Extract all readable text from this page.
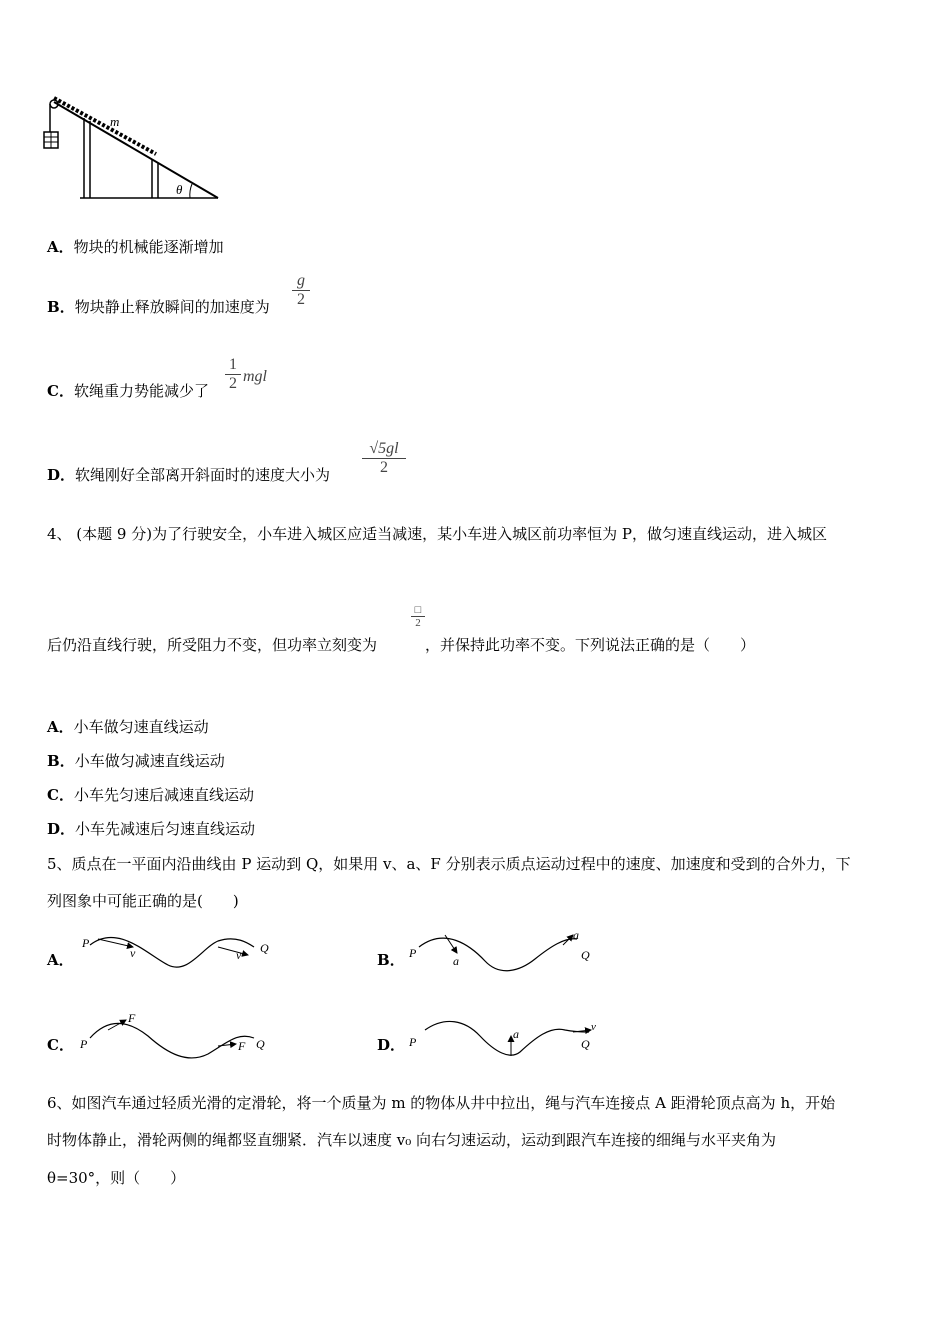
m
θ
A．物块的机械能逐渐增加
B．物块静止释放瞬间的加速度为 $\frac{g}{2}$
C．软绳重力势能减少了 $\frac{1}{2}$ mgl
D．软绳刚好全部离开斜面时的速度大小为 $\frac{√5gl}{2}$
4、 (本题 9 分)为了行驶安全，小车进入城区应适当减速，某小车进入城区前功率恒为 P，做匀速直线运动，进入城区
□
2
后仍沿直线行驶，所受阻力不变，但功率立刻变为	，并保持此功率不变。下列说法正确的是（　　）
A．小车做匀速直线运动
B．小车做匀减速直线运动
C．小车先匀速后减速直线运动
D．小车先减速后匀速直线运动
5、质点在一平面内沿曲线由 P 运动到 Q，如果用 v、a、F 分别表示质点运动过程中的速度、加速度和受到的合外力，下
列图象中可能正确的是(　　)
A．
P
v	v Q
B． P
a
a
Q
C． P
F
F Q	D． P
a	v
Q
6、如图汽车通过轻质光滑的定滑轮，将一个质量为 m 的物体从井中拉出，绳与汽车连接点 A 距滑轮顶点高为 h，开始
时物体静止，滑轮两侧的绳都竖直绷紧．汽车以速度 v₀ 向右匀速运动，运动到跟汽车连接的细绳与水平夹角为
θ=30°，则（　　）
